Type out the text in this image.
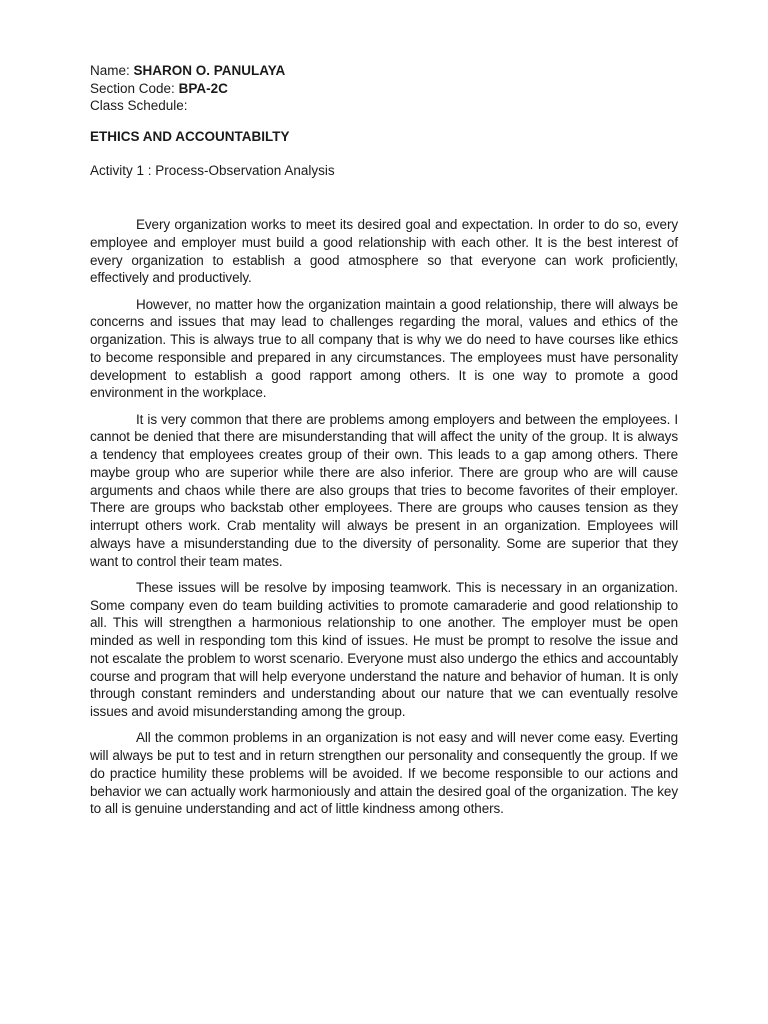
Name: SHARON O. PANULAYA
Section Code: BPA-2C
Class Schedule:
ETHICS AND ACCOUNTABILTY
Activity 1 : Process-Observation Analysis

Every organization works to meet its desired goal and expectation. In order to do so, every employee and employer must build a good relationship with each other. It is the best interest of every organization to establish a good atmosphere so that everyone can work proficiently, effectively and productively.

However, no matter how the organization maintain a good relationship, there will always be concerns and issues that may lead to challenges regarding the moral, values and ethics of the organization. This is always true to all company that is why we do need to have courses like ethics to become responsible and prepared in any circumstances. The employees must have personality development to establish a good rapport among others. It is one way to promote a good environment in the workplace.

It is very common that there are problems among employers and between the employees. I cannot be denied that there are misunderstanding that will affect the unity of the group. It is always a tendency that employees creates group of their own. This leads to a gap among others. There maybe group who are superior while there are also inferior. There are group who are will cause arguments and chaos while there are also groups that tries to become favorites of their employer. There are groups who backstab other employees. There are groups who causes tension as they interrupt others work. Crab mentality will always be present in an organization. Employees will always have a misunderstanding due to the diversity of personality. Some are superior that they want to control their team mates.

These issues will be resolve by imposing teamwork. This is necessary in an organization. Some company even do team building activities to promote camaraderie and good relationship to all. This will strengthen a harmonious relationship to one another. The employer must be open minded as well in responding tom this kind of issues. He must be prompt to resolve the issue and not escalate the problem to worst scenario. Everyone must also undergo the ethics and accountably course and program that will help everyone understand the nature and behavior of human. It is only through constant reminders and understanding about our nature that we can eventually resolve issues and avoid misunderstanding among the group.

All the common problems in an organization is not easy and will never come easy. Everting will always be put to test and in return strengthen our personality and consequently the group. If we do practice humility these problems will be avoided. If we become responsible to our actions and behavior we can actually work harmoniously and attain the desired goal of the organization. The key to all is genuine understanding and act of little kindness among others.
